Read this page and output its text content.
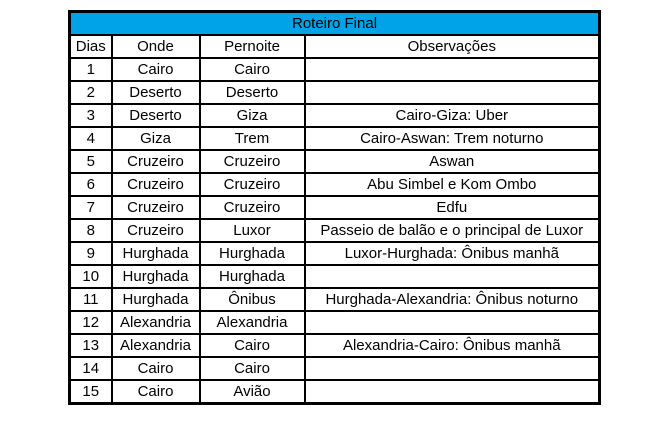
Roteiro Final			
Dias	Onde	Pernoite	Observações
1	Cairo	Cairo	
2	Deserto	Deserto	
3	Deserto	Giza	Cairo-Giza: Uber
4	Giza	Trem	Cairo-Aswan: Trem noturno
5	Cruzeiro	Cruzeiro	Aswan
6	Cruzeiro	Cruzeiro	Abu Simbel e Kom Ombo
7	Cruzeiro	Cruzeiro	Edfu
8	Cruzeiro	Luxor	Passeio de balão e o principal de Luxor
9	Hurghada	Hurghada	Luxor-Hurghada: Ônibus manhã
10	Hurghada	Hurghada	
11	Hurghada	Ônibus	Hurghada-Alexandria: Ônibus noturno
12	Alexandria	Alexandria	
13	Alexandria	Cairo	Alexandria-Cairo: Ônibus manhã
14	Cairo	Cairo	
15	Cairo	Avião	
